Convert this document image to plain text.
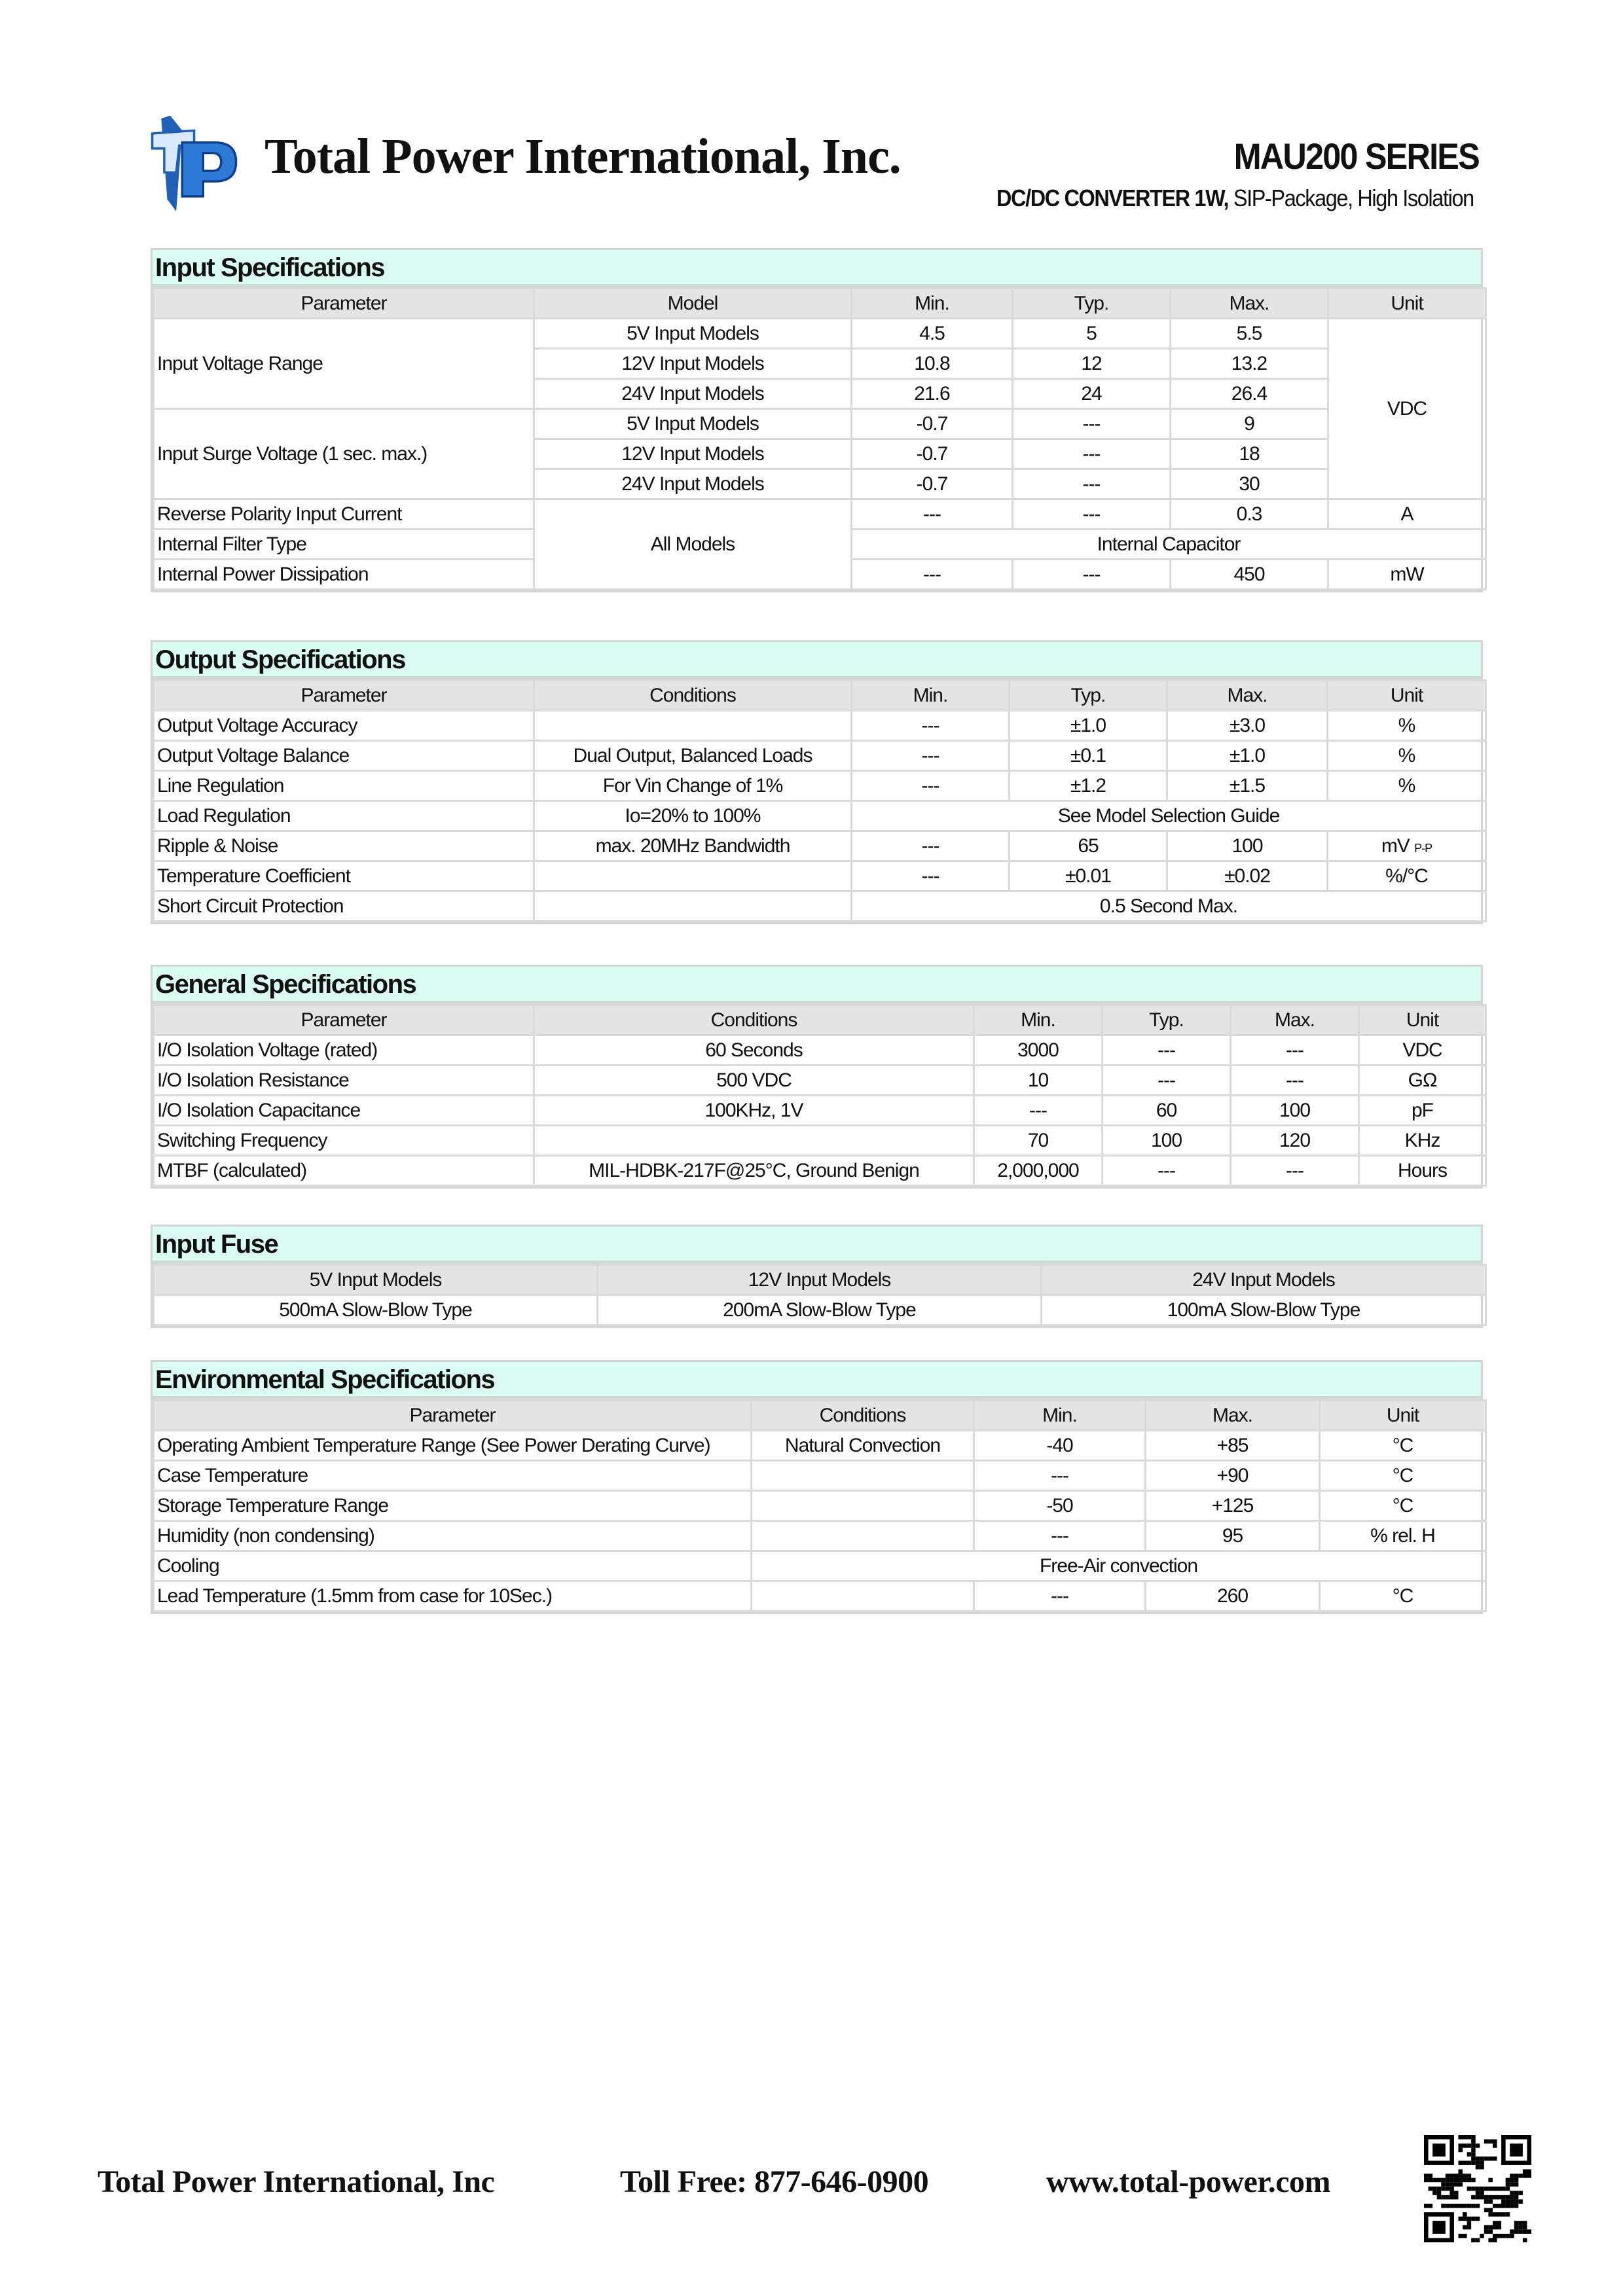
Total Power International, Inc.	MAU200 SERIES
DC/DC CONVERTER 1W, SIP-Package, High Isolation
Input Specifications
Parameter	Model	Min.	Typ.	Max.	Unit
Input Voltage Range	5V Input Models	4.5	5	5.5	VDC
	12V Input Models	10.8	12	13.2	
	24V Input Models	21.6	24	26.4	
Input Surge Voltage (1 sec. max.)	5V Input Models	-0.7	---	9	
	12V Input Models	-0.7	---	18	
	24V Input Models	-0.7	---	30	
Reverse Polarity Input Current	All Models	---	---	0.3	A
Internal Filter Type		Internal Capacitor			
Internal Power Dissipation		---	---	450	mW
Output Specifications
Parameter	Conditions	Min.	Typ.	Max.	Unit
Output Voltage Accuracy		---	±1.0	±3.0	%
Output Voltage Balance	Dual Output, Balanced Loads	---	±0.1	±1.0	%
Line Regulation	For Vin Change of 1%	---	±1.2	±1.5	%
Load Regulation	Io=20% to 100%	See Model Selection Guide			
Ripple & Noise	max. 20MHz Bandwidth	---	65	100	mV P-P
Temperature Coefficient		---	±0.01	±0.02	%/°C
Short Circuit Protection		0.5 Second Max.			
General Specifications
Parameter	Conditions	Min.	Typ.	Max.	Unit
I/O Isolation Voltage (rated)	60 Seconds	3000	---	---	VDC
I/O Isolation Resistance	500 VDC	10	---	---	GΩ
I/O Isolation Capacitance	100KHz, 1V	---	60	100	pF
Switching Frequency		70	100	120	KHz
MTBF (calculated)	MIL-HDBK-217F@25°C, Ground Benign	2,000,000	---	---	Hours
Input Fuse
5V Input Models	12V Input Models	24V Input Models
500mA Slow-Blow Type	200mA Slow-Blow Type	100mA Slow-Blow Type
Environmental Specifications
Parameter	Conditions	Min.	Max.	Unit
Operating Ambient Temperature Range (See Power Derating Curve)	Natural Convection	-40	+85	°C
Case Temperature		---	+90	°C
Storage Temperature Range		-50	+125	°C
Humidity (non condensing)		---	95	% rel. H
Cooling	Free-Air convection			
Lead Temperature (1.5mm from case for 10Sec.)		---	260	°C
Total Power International, Inc	Toll Free: 877-646-0900	www.total-power.com
